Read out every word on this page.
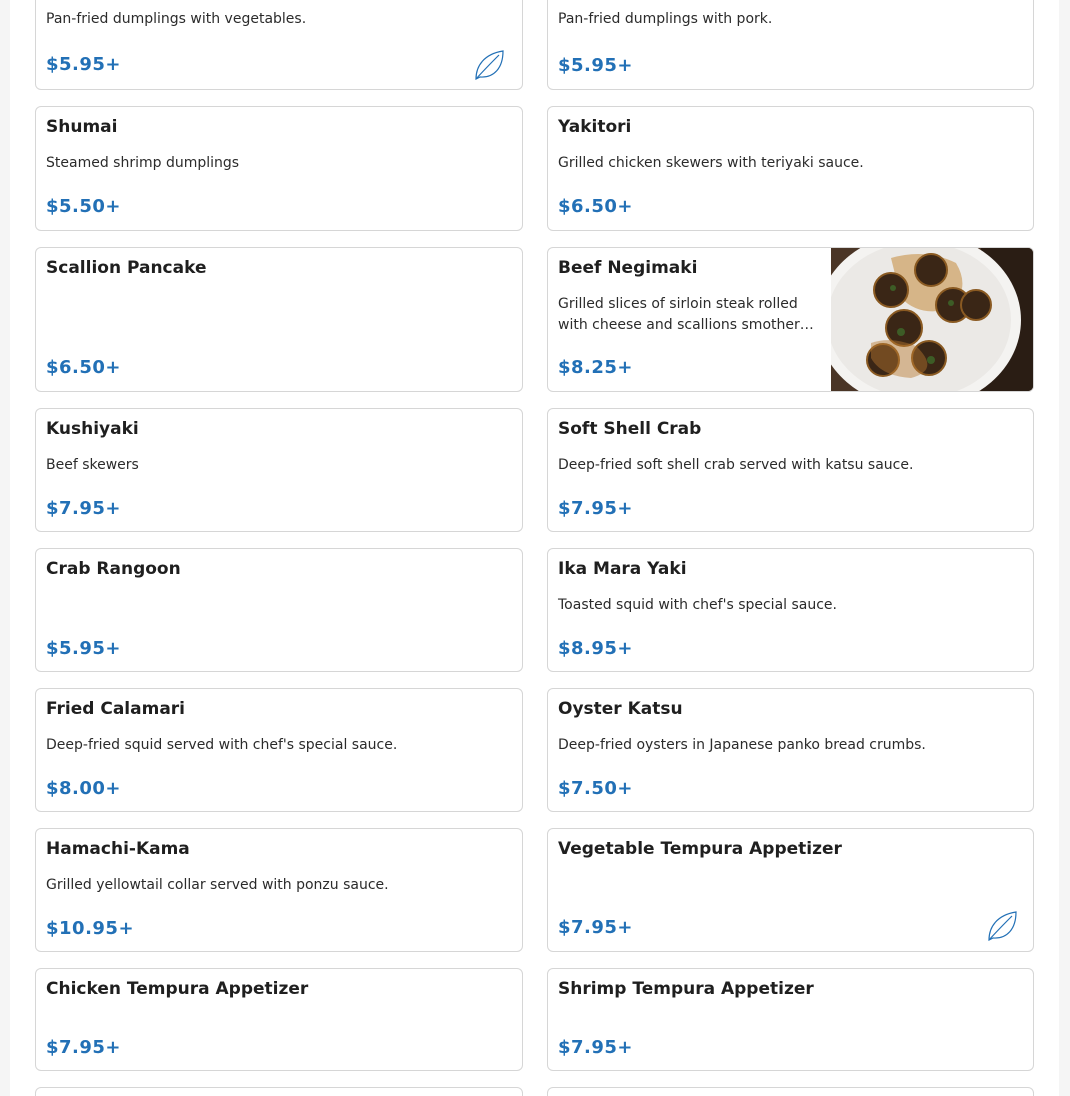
Pan-fried dumplings with vegetables.
$5.95+
Pan-fried dumplings with pork.
$5.95+
Shumai
Steamed shrimp dumplings
$5.50+
Yakitori
Grilled chicken skewers with teriyaki sauce.
$6.50+
Scallion Pancake
$6.50+
Beef Negimaki
Grilled slices of sirloin steak rolled with cheese and scallions smother…
$8.25+
Kushiyaki
Beef skewers
$7.95+
Soft Shell Crab
Deep-fried soft shell crab served with katsu sauce.
$7.95+
Crab Rangoon
$5.95+
Ika Mara Yaki
Toasted squid with chef's special sauce.
$8.95+
Fried Calamari
Deep-fried squid served with chef's special sauce.
$8.00+
Oyster Katsu
Deep-fried oysters in Japanese panko bread crumbs.
$7.50+
Hamachi-Kama
Grilled yellowtail collar served with ponzu sauce.
$10.95+
Vegetable Tempura Appetizer
$7.95+
Chicken Tempura Appetizer
$7.95+
Shrimp Tempura Appetizer
$7.95+
